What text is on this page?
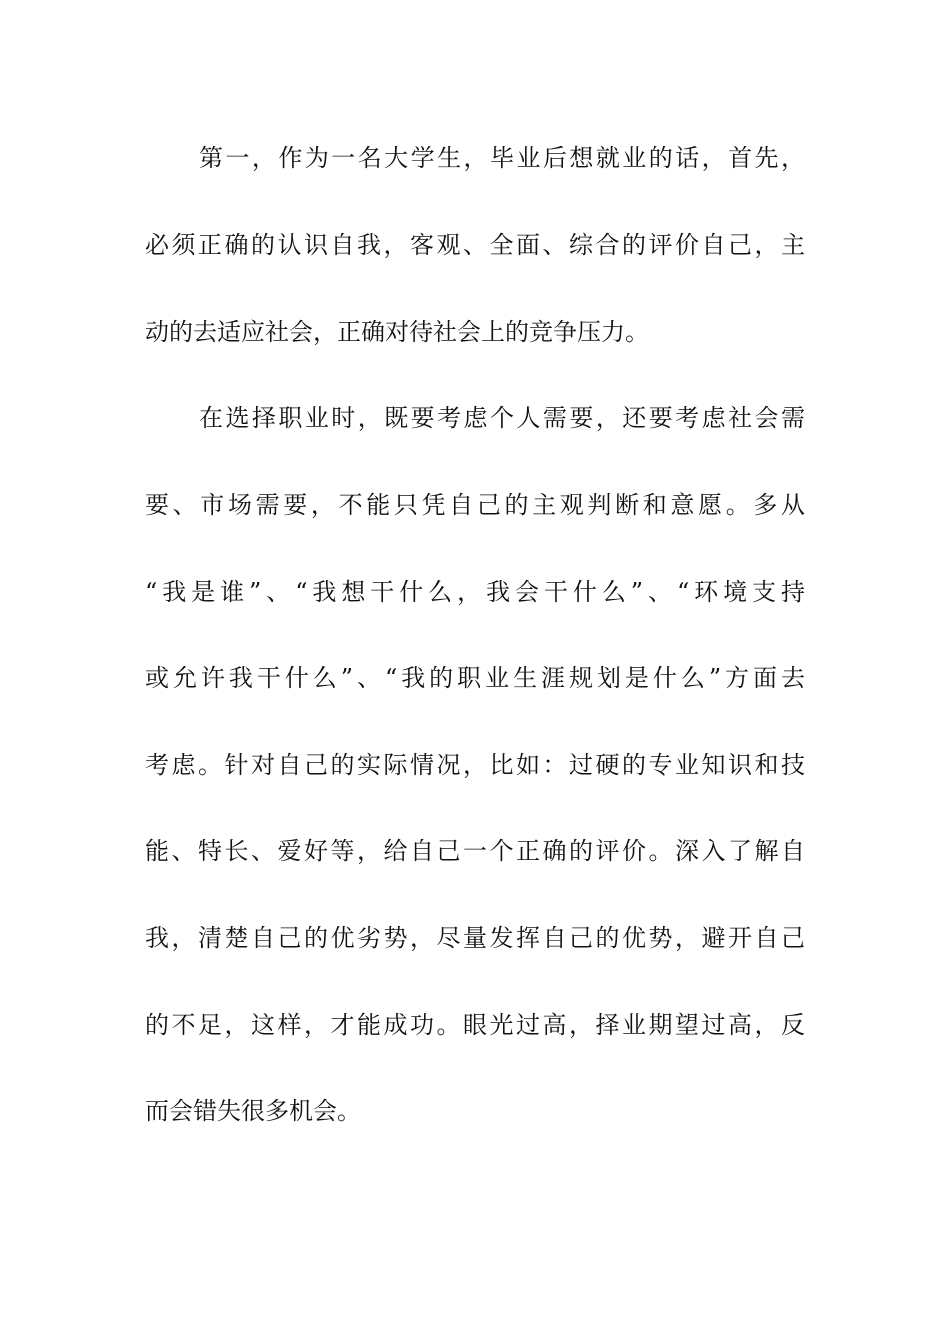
第一，作为一名大学生，毕业后想就业的话，首先，
必须正确的认识自我，客观、全面、综合的评价自己，主
动的去适应社会，正确对待社会上的竞争压力。
在选择职业时，既要考虑个人需要，还要考虑社会需
要、市场需要，不能只凭自己的主观判断和意愿。多从
“我是谁”、“我想干什么，我会干什么”、“环境支持
或允许我干什么”、“我的职业生涯规划是什么”方面去
考虑。针对自己的实际情况，比如：过硬的专业知识和技
能、特长、爱好等，给自己一个正确的评价。深入了解自
我，清楚自己的优劣势，尽量发挥自己的优势，避开自己
的不足，这样，才能成功。眼光过高，择业期望过高，反
而会错失很多机会。
